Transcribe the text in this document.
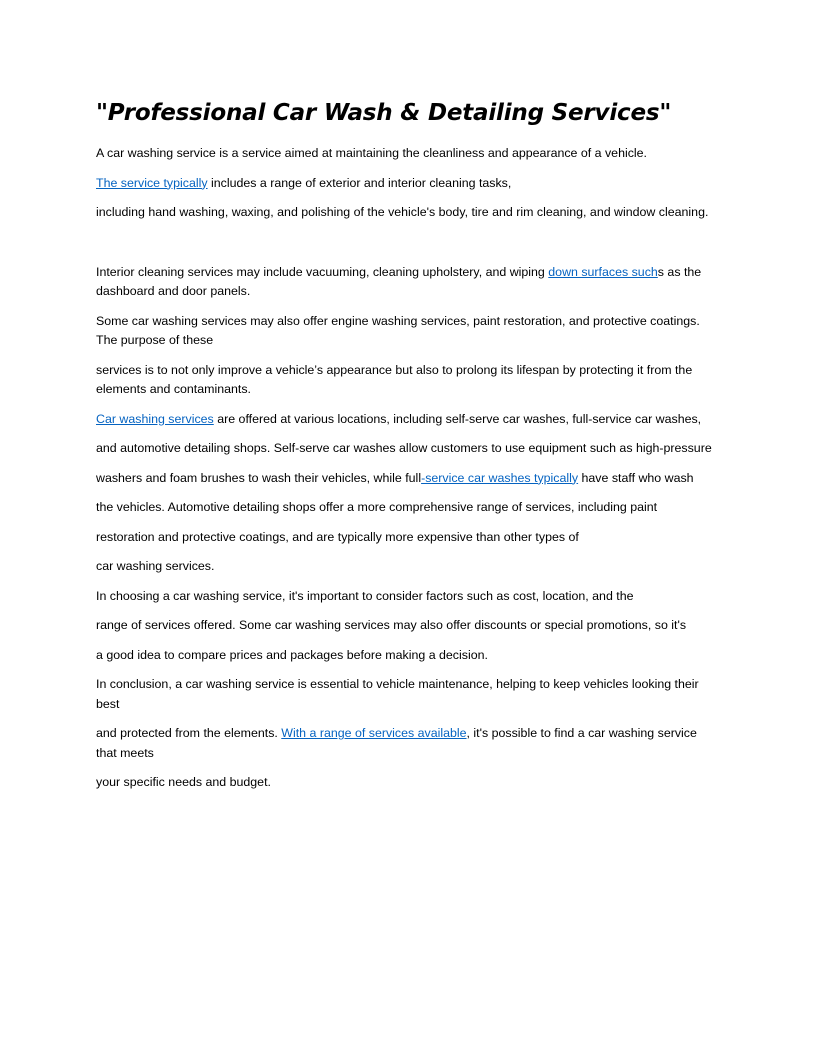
"Professional Car Wash & Detailing Services"

A car washing service is a service aimed at maintaining the cleanliness and appearance of a vehicle.

The service typically includes a range of exterior and interior cleaning tasks,

including hand washing, waxing, and polishing of the vehicle's body, tire and rim cleaning, and window cleaning.

Interior cleaning services may include vacuuming, cleaning upholstery, and wiping down surfaces suchs as the dashboard and door panels.

Some car washing services may also offer engine washing services, paint restoration, and protective coatings. The purpose of these

services is to not only improve a vehicle’s appearance but also to prolong its lifespan by protecting it from the elements and contaminants.

Car washing services are offered at various locations, including self-serve car washes, full-service car washes,

and automotive detailing shops. Self-serve car washes allow customers to use equipment such as high-pressure

washers and foam brushes to wash their vehicles, while full-service car washes typically have staff who wash

the vehicles. Automotive detailing shops offer a more comprehensive range of services, including paint

restoration and protective coatings, and are typically more expensive than other types of

car washing services.

In choosing a car washing service, it's important to consider factors such as cost, location, and the

range of services offered. Some car washing services may also offer discounts or special promotions, so it's

a good idea to compare prices and packages before making a decision.

In conclusion, a car washing service is essential to vehicle maintenance, helping to keep vehicles looking their best

and protected from the elements. With a range of services available, it's possible to find a car washing service that meets

your specific needs and budget.
